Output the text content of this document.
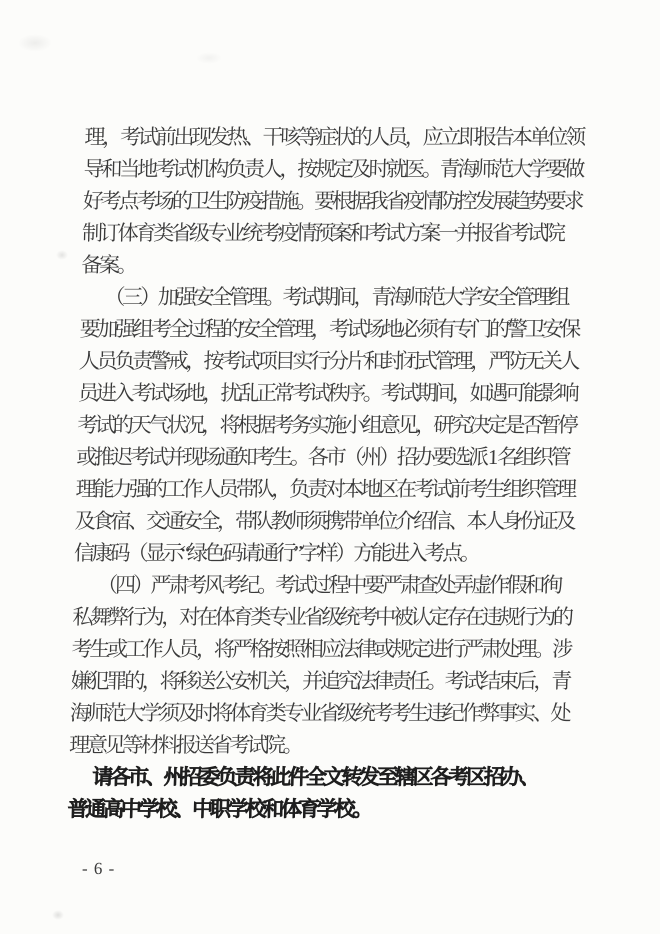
理，考试前出现发热、干咳等症状的人员，应立即报告本单位领
导和当地考试机构负责人，按规定及时就医。青海师范大学要做
好考点考场的卫生防疫措施。要根据我省疫情防控发展趋势要求
制订体育类省级专业统考疫情预案和考试方案一并报省考试院
备案。
（三）加强安全管理。考试期间，青海师范大学安全管理组
要加强组考全过程的安全管理，考试场地必须有专门的警卫安保
人员负责警戒，按考试项目实行分片和封闭式管理，严防无关人
员进入考试场地，扰乱正常考试秩序。考试期间，如遇可能影响
考试的天气状况，将根据考务实施小组意见，研究决定是否暂停
或推迟考试并现场通知考生。各市（州）招办要选派 1 名组织管
理能力强的工作人员带队，负责对本地区在考试前考生组织管理
及食宿、交通安全，带队教师须携带单位介绍信、本人身份证及
信康码（显示“绿色码请通行”字样）方能进入考点。
（四）严肃考风考纪。考试过程中要严肃查处弄虚作假和徇
私舞弊行为，对在体育类专业省级统考中被认定存在违规行为的
考生或工作人员，将严格按照相应法律或规定进行严肃处理。涉
嫌犯罪的，将移送公安机关，并追究法律责任。考试结束后，青
海师范大学须及时将体育类专业省级统考考生违纪作弊事实、处
理意见等材料报送省考试院。
请各市、州招委负责将此件全文转发至辖区各考区招办、
普通高中学校、中职学校和体育学校。
- 6 -
